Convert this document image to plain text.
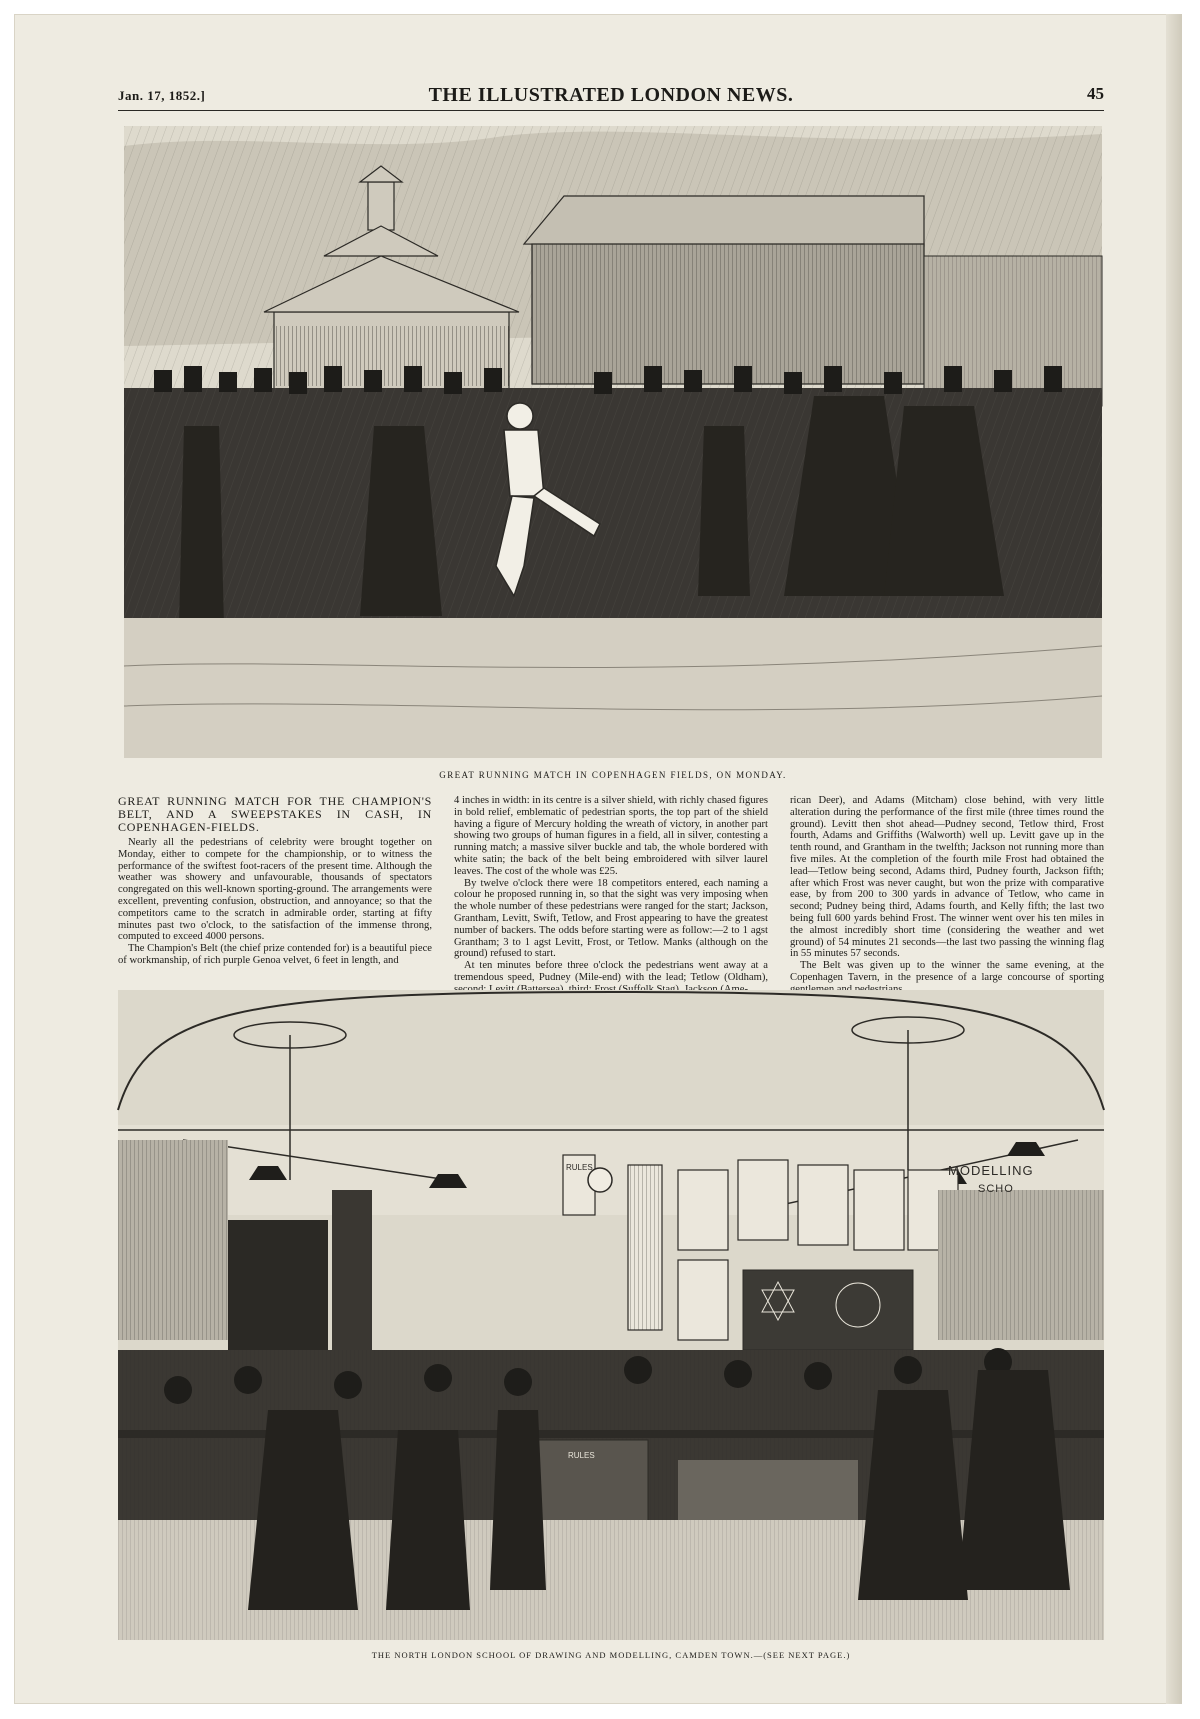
Jan. 17, 1852.]	THE ILLUSTRATED LONDON NEWS.	45
GREAT RUNNING MATCH IN COPENHAGEN FIELDS, ON MONDAY.
GREAT RUNNING MATCH FOR THE CHAMPION'S BELT, AND A SWEEPSTAKES IN CASH, IN COPENHAGEN-FIELDS.

Nearly all the pedestrians of celebrity were brought together on Monday, either to compete for the championship, or to witness the performance of the swiftest foot-racers of the present time. Although the weather was showery and unfavourable, thousands of spectators congregated on this well-known sporting-ground. The arrangements were excellent, preventing confusion, obstruction, and annoyance; so that the competitors came to the scratch in admirable order, starting at fifty minutes past two o'clock, to the satisfaction of the immense throng, computed to exceed 4000 persons.

The Champion's Belt (the chief prize contended for) is a beautiful piece of workmanship, of rich purple Genoa velvet, 6 feet in length, and

4 inches in width: in its centre is a silver shield, with richly chased figures in bold relief, emblematic of pedestrian sports, the top part of the shield having a figure of Mercury holding the wreath of victory, in another part showing two groups of human figures in a field, all in silver, contesting a running match; a massive silver buckle and tab, the whole bordered with white satin; the back of the belt being embroidered with silver laurel leaves. The cost of the whole was £25.

By twelve o'clock there were 18 competitors entered, each naming a colour he proposed running in, so that the sight was very imposing when the whole number of these pedestrians were ranged for the start; Jackson, Grantham, Levitt, Swift, Tetlow, and Frost appearing to have the greatest number of backers. The odds before starting were as follow:—2 to 1 agst Grantham; 3 to 1 agst Levitt, Frost, or Tetlow. Manks (although on the ground) refused to start.

At ten minutes before three o'clock the pedestrians went away at a tremendous speed, Pudney (Mile-end) with the lead; Tetlow (Oldham),

rican Deer), and Adams (Mitcham) close behind, with very little alteration during the performance of the first mile (three times round the ground). Levitt then shot ahead—Pudney second, Tetlow third, Frost fourth, Adams and Griffiths (Walworth) well up. Levitt gave up in the tenth round, and Grantham in the twelfth; Jackson not running more than five miles. At the completion of the fourth mile Frost had obtained the lead—Tetlow being second, Adams third, Pudney fourth, Jackson fifth; after which Frost was never caught, but won the prize with comparative ease, by from 200 to 300 yards in advance of Tetlow, who came in second; Pudney being third, Adams fourth, and Kelly fifth; the last two being full 600 yards behind Frost. The winner went over his ten miles in the almost incredibly short time (considering the weather and wet ground) of 54 minutes 21 seconds—the last two passing the winning flag in 55 minutes 57 seconds.

The Belt was given up to the winner the same evening, at the Copenhagen Tavern, in the presence of a large concourse of sporting

MODELLING
SCHO
RULES
RULES
THE NORTH LONDON SCHOOL OF DRAWING AND MODELLING, CAMDEN TOWN.—(SEE NEXT PAGE.)
